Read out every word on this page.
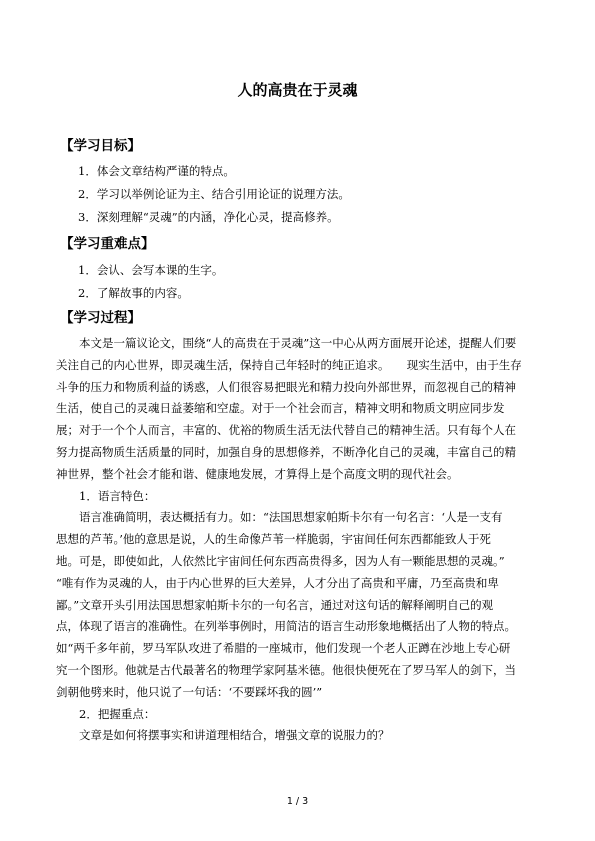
人的高贵在于灵魂
【学习目标】
1．体会文章结构严谨的特点。
2．学习以举例论证为主、结合引用论证的说理方法。
3．深刻理解“灵魂”的内涵，净化心灵，提高修养。
【学习重难点】
1．会认、会写本课的生字。
2．了解故事的内容。
【学习过程】
　　本文是一篇议论文，围绕“人的高贵在于灵魂”这一中心从两方面展开论述，提醒人们要
关注自己的内心世界，即灵魂生活，保持自己年轻时的纯正追求。　　现实生活中，由于生存
斗争的压力和物质利益的诱惑，人们很容易把眼光和精力投向外部世界，而忽视自己的精神
生活，使自己的灵魂日益萎缩和空虚。对于一个社会而言，精神文明和物质文明应同步发
展；对于一个个人而言，丰富的、优裕的物质生活无法代替自己的精神生活。只有每个人在
努力提高物质生活质量的同时，加强自身的思想修养，不断净化自己的灵魂，丰富自己的精
神世界，整个社会才能和谐、健康地发展，才算得上是个高度文明的现代社会。
　　1．语言特色：
　　语言准确简明，表达概括有力。如：“法国思想家帕斯卡尔有一句名言：‘人是一支有
思想的芦苇。’他的意思是说，人的生命像芦苇一样脆弱，宇宙间任何东西都能致人于死
地。可是，即使如此，人依然比宇宙间任何东西高贵得多，因为人有一颗能思想的灵魂。”
“唯有作为灵魂的人，由于内心世界的巨大差异，人才分出了高贵和平庸，乃至高贵和卑
鄙。”文章开头引用法国思想家帕斯卡尔的一句名言，通过对这句话的解释阐明自己的观
点，体现了语言的准确性。在列举事例时，用简洁的语言生动形象地概括出了人物的特点。
如“两千多年前，罗马军队攻进了希腊的一座城市，他们发现一个老人正蹲在沙地上专心研
究一个图形。他就是古代最著名的物理学家阿基米德。他很快便死在了罗马军人的剑下，当
剑朝他劈来时，他只说了一句话：‘不要踩坏我的圆’”
　　2．把握重点：
　　文章是如何将摆事实和讲道理相结合，增强文章的说服力的？
1 / 3
